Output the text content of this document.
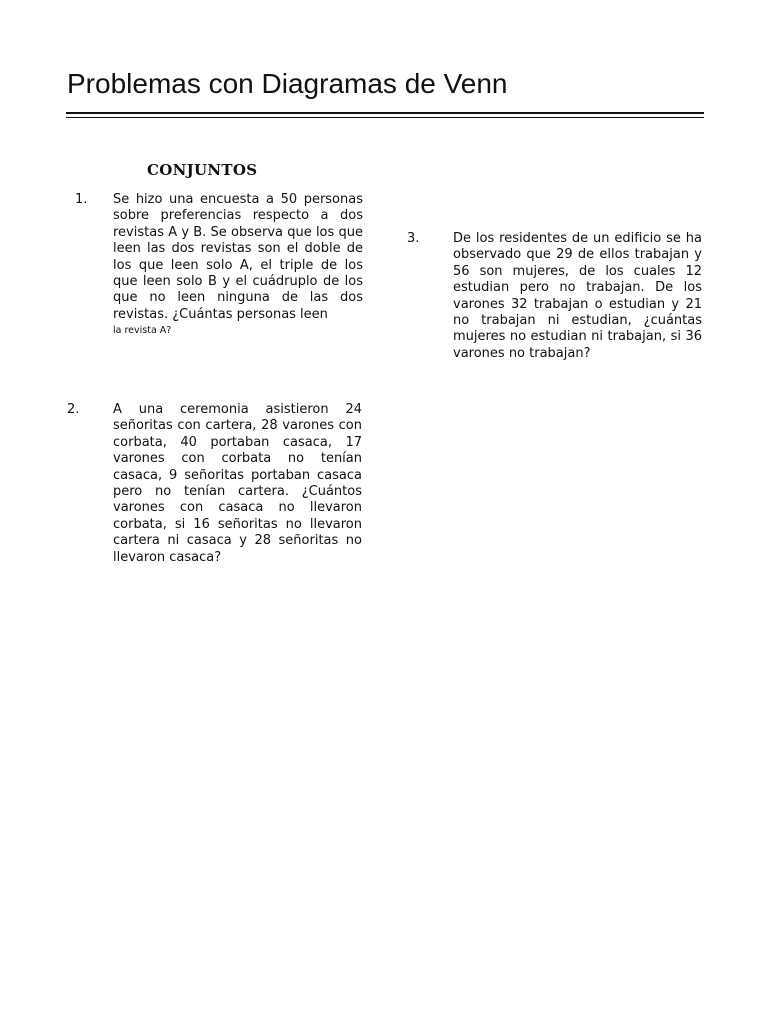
Problemas con Diagramas de Venn
CONJUNTOS
1. Se hizo una encuesta a 50 personas sobre preferencias respecto a dos revistas A y B. Se observa que los que leen las dos revistas son el doble de los que leen solo A, el triple de los que leen solo B y el cuádruplo de los que no leen ninguna de las dos revistas. ¿Cuántas personas leen
la revista A?
2.	A una ceremonia asistieron 24 señoritas con cartera, 28 varones con corbata, 40 portaban casaca, 17 varones con corbata no tenían casaca, 9 señoritas portaban casaca pero no tenían cartera. ¿Cuántos varones con casaca no llevaron corbata, si 16 señoritas no llevaron cartera ni casaca y 28 señoritas no llevaron casaca?

3.	De los residentes de un edificio se ha observado que 29 de ellos trabajan y 56 son mujeres, de los cuales 12 estudian pero no trabajan. De los varones 32 trabajan o estudian y 21 no trabajan ni estudian, ¿cuántas mujeres no estudian ni trabajan, si 36 varones no trabajan?
